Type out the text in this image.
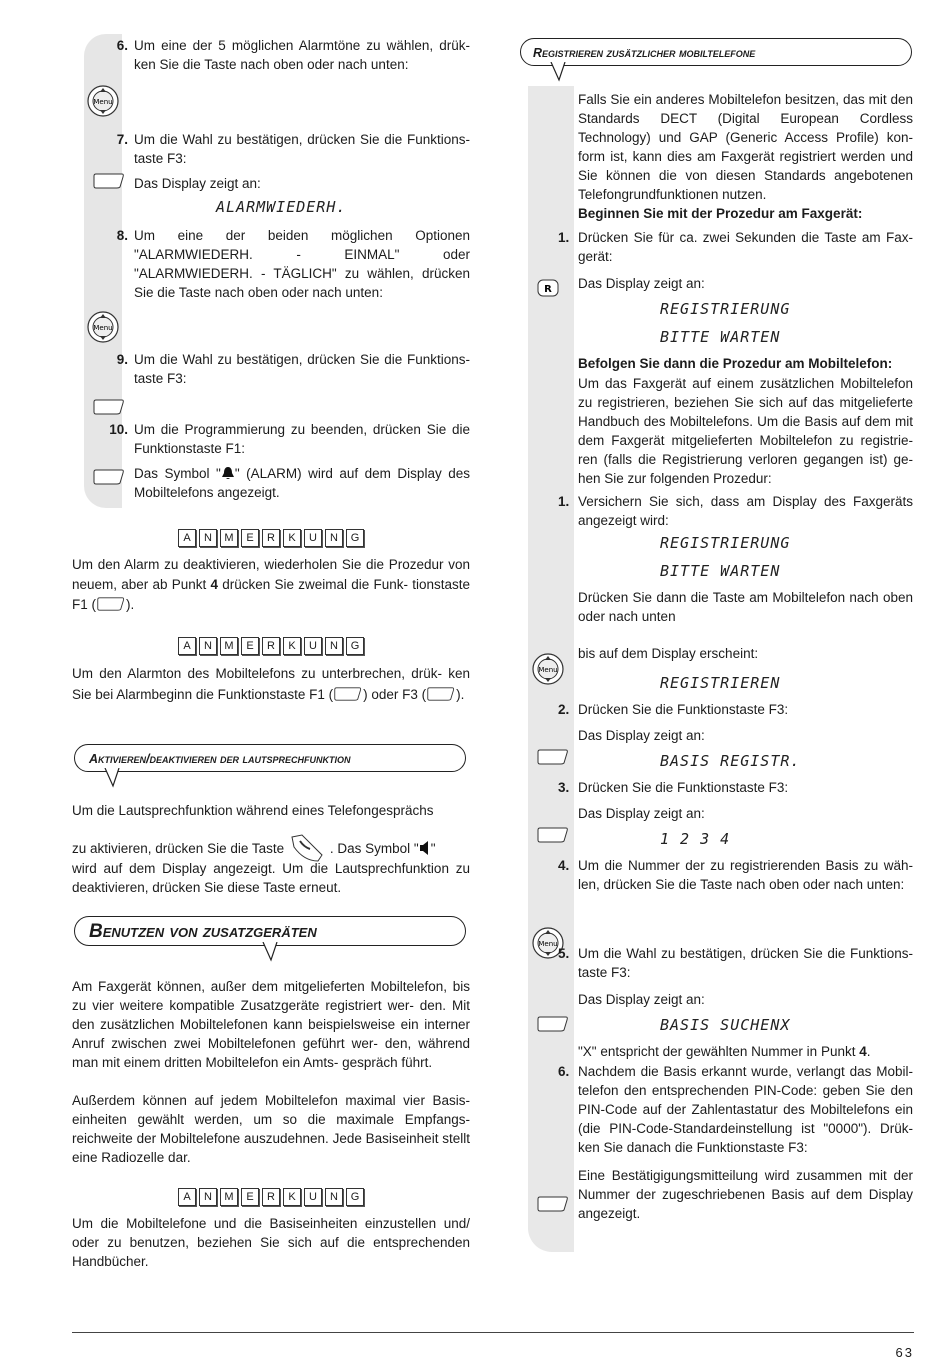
Menu
Menu
6. Um eine der 5 möglichen Alarmtöne zu wählen, drük- ken Sie die Taste nach oben oder nach unten:

7. Um die Wahl zu bestätigen, drücken Sie die Funktions- taste F3:

Das Display zeigt an:

ALARMWIEDERH.

8. Um eine der beiden möglichen Optionen "ALARMWIEDERH. - EINMAL" oder "ALARMWIEDERH. - TÄGLICH" zu wählen, drücken Sie die Taste nach oben oder nach unten:

9. Um die Wahl zu bestätigen, drücken Sie die Funktions- taste F3:

10. Um die Programmierung zu beenden, drücken Sie die Funktionstaste F1:

Das Symbol " " (ALARM) wird auf dem Display des Mobiltelefons angezeigt.

A	N	M	E	R	K	U	N	G

Um den Alarm zu deaktivieren, wiederholen Sie die Prozedur von neuem, aber ab Punkt 4 drücken Sie zweimal die Funk- tionstaste F1 ( ).

A	N	M	E	R	K	U	N	G

Um den Alarmton des Mobiltelefons zu unterbrechen, drük- ken Sie bei Alarmbeginn die Funktionstaste F1 ( ) oder F3 ( ).

Aktivieren/deaktivieren der lautsprechfunktion

Um die Lautsprechfunktion während eines Telefongesprächs

zu aktivieren, drücken Sie die Taste	. Das Symbol " "

wird auf dem Display angezeigt. Um die Lautsprechfunktion zu deaktivieren, drücken Sie diese Taste erneut.

Benutzen von zusatzgeräten

Am Faxgerät können, außer dem mitgelieferten Mobiltelefon, bis zu vier weitere kompatible Zusatzgeräte registriert wer- den. Mit den zusätzlichen Mobiltelefonen kann beispielsweise ein interner Anruf zwischen zwei Mobiltelefonen geführt wer- den, während man mit einem dritten Mobiltelefon ein Amts- gespräch führt.

Außerdem können auf jedem Mobiltelefon maximal vier Basis- einheiten gewählt werden, um so die maximale Empfangs- reichweite der Mobiltelefone auszudehnen. Jede Basiseinheit stellt eine Radiozelle dar.

A	N	M	E	R	K	U	N	G

Um die Mobiltelefone und die Basiseinheiten einzustellen und/ oder zu benutzen, beziehen Sie sich auf die entsprechenden Handbücher.

Registrieren zusätzlicher mobiltelefone
R
Menu
Menu

Falls Sie ein anderes Mobiltelefon besitzen, das mit den Standards DECT (Digital European Cordless Technology) und GAP (Generic Access Profile) kon- form ist, kann dies am Faxgerät registriert werden und Sie können die von diesen Standards angebotenen Telefongrundfunktionen nutzen.

Beginnen Sie mit der Prozedur am Faxgerät:

1. Drücken Sie für ca. zwei Sekunden die Taste am Fax- gerät:

Das Display zeigt an:

REGISTRIERUNG

BITTE WARTEN

Befolgen Sie dann die Prozedur am Mobiltelefon:

Um das Faxgerät auf einem zusätzlichen Mobiltelefon zu registrieren, beziehen Sie sich auf das mitgelieferte Handbuch des Mobiltelefons. Um die Basis auf dem mit dem Faxgerät mitgelieferten Mobiltelefon zu registrie- ren (falls die Registrierung verloren gegangen ist) ge- hen Sie zur folgenden Prozedur:

1. Versichern Sie sich, dass am Display des Faxgeräts angezeigt wird:

REGISTRIERUNG

BITTE WARTEN

Drücken Sie dann die Taste am Mobiltelefon nach oben oder nach unten

bis auf dem Display erscheint:

REGISTRIEREN

2. Drücken Sie die Funktionstaste F3:

Das Display zeigt an:

BASIS REGISTR.

3. Drücken Sie die Funktionstaste F3:

Das Display zeigt an:

1 2 3 4

4. Um die Nummer der zu registrierenden Basis zu wäh- len, drücken Sie die Taste nach oben oder nach unten:

5. Um die Wahl zu bestätigen, drücken Sie die Funktions- taste F3:

Das Display zeigt an:

BASIS SUCHENX

"X" entspricht der gewählten Nummer in Punkt 4.

6. Nachdem die Basis erkannt wurde, verlangt das Mobil- telefon den entsprechenden PIN-Code: geben Sie den PIN-Code auf der Zahlentastatur des Mobiltelefons ein (die PIN-Code-Standardeinstellung ist "0000"). Drük- ken Sie danach die Funktionstaste F3:

Eine Bestätigigungsmitteilung wird zusammen mit der Nummer der zugeschriebenen Basis auf dem Display angezeigt.

63
